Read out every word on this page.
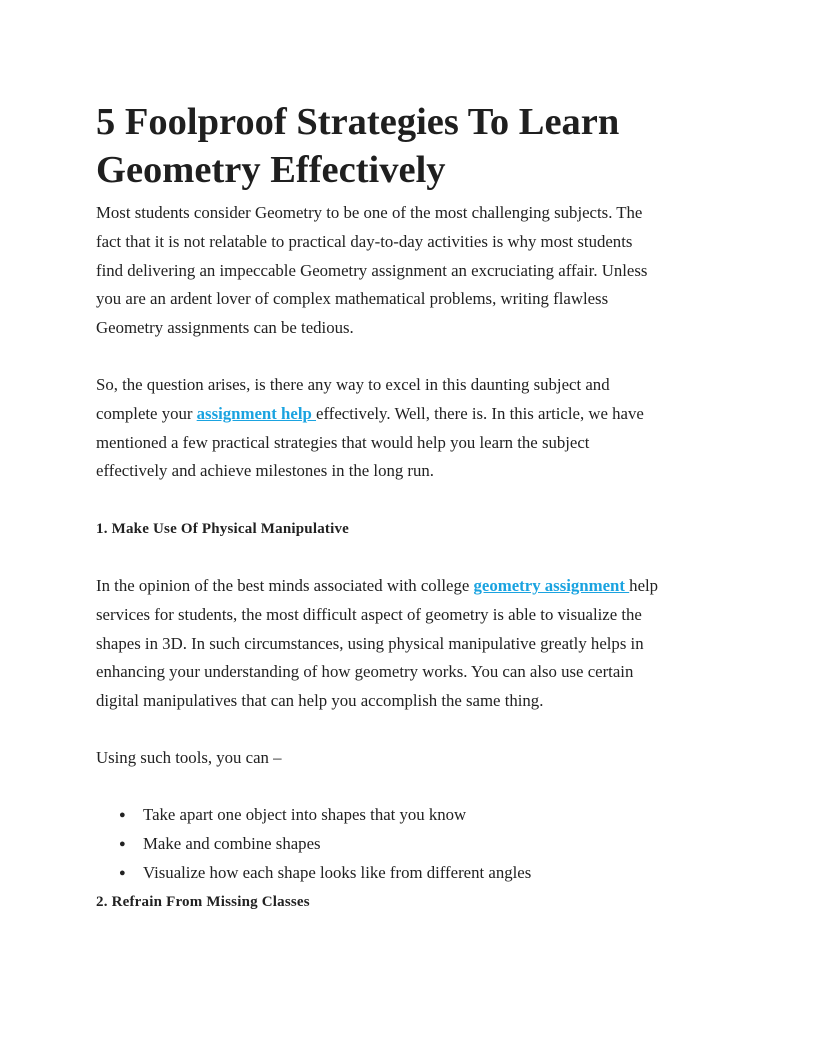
5 Foolproof Strategies To Learn
Geometry Effectively
Most students consider Geometry to be one of the most challenging subjects. The
fact that it is not relatable to practical day-to-day activities is why most students
find delivering an impeccable Geometry assignment an excruciating affair. Unless
you are an ardent lover of complex mathematical problems, writing flawless
Geometry assignments can be tedious.
So, the question arises, is there any way to excel in this daunting subject and
complete your assignment help effectively. Well, there is. In this article, we have
mentioned a few practical strategies that would help you learn the subject
effectively and achieve milestones in the long run.
1. Make Use Of Physical Manipulative
In the opinion of the best minds associated with college geometry assignment help
services for students, the most difficult aspect of geometry is able to visualize the
shapes in 3D. In such circumstances, using physical manipulative greatly helps in
enhancing your understanding of how geometry works. You can also use certain
digital manipulatives that can help you accomplish the same thing.
Using such tools, you can –
● Take apart one object into shapes that you know
● Make and combine shapes
● Visualize how each shape looks like from different angles
2. Refrain From Missing Classes
